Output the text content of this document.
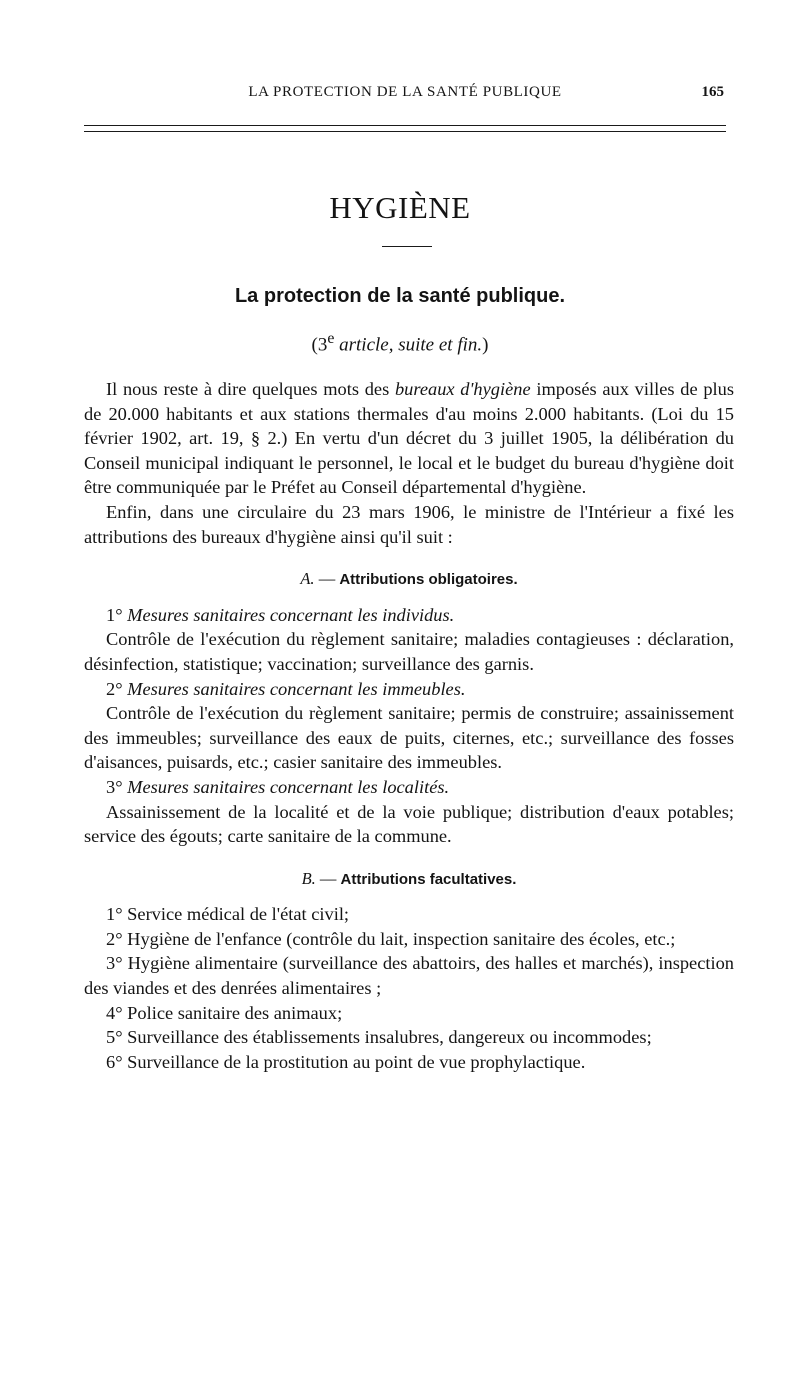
LA PROTECTION DE LA SANTÉ PUBLIQUE	165
HYGIÈNE
La protection de la santé publique.
(3e article, suite et fin.)

Il nous reste à dire quelques mots des bureaux d'hygiène imposés aux villes de plus de 20.000 habitants et aux stations thermales d'au moins 2.000 habitants. (Loi du 15 février 1902, art. 19, § 2.) En vertu d'un décret du 3 juillet 1905, la délibération du Conseil municipal indiquant le personnel, le local et le budget du bureau d'hygiène doit être communiquée par le Préfet au Conseil départemental d'hygiène.

Enfin, dans une circulaire du 23 mars 1906, le ministre de l'Intérieur a fixé les attributions des bureaux d'hygiène ainsi qu'il suit :

A. — Attributions obligatoires.

1° Mesures sanitaires concernant les individus.

Contrôle de l'exécution du règlement sanitaire; maladies contagieuses : déclaration, désinfection, statistique; vaccination; surveillance des garnis.

2° Mesures sanitaires concernant les immeubles.

Contrôle de l'exécution du règlement sanitaire; permis de construire; assainissement des immeubles; surveillance des eaux de puits, citernes, etc.; surveillance des fosses d'aisances, puisards, etc.; casier sanitaire des immeubles.

3° Mesures sanitaires concernant les localités.

Assainissement de la localité et de la voie publique; distribution d'eaux potables; service des égouts; carte sanitaire de la commune.

B. — Attributions facultatives.

1° Service médical de l'état civil;

2° Hygiène de l'enfance (contrôle du lait, inspection sanitaire des écoles, etc.;

3° Hygiène alimentaire (surveillance des abattoirs, des halles et marchés), inspection des viandes et des denrées alimentaires ;

4° Police sanitaire des animaux;

5° Surveillance des établissements insalubres, dangereux ou incommodes;

6° Surveillance de la prostitution au point de vue prophylactique.
